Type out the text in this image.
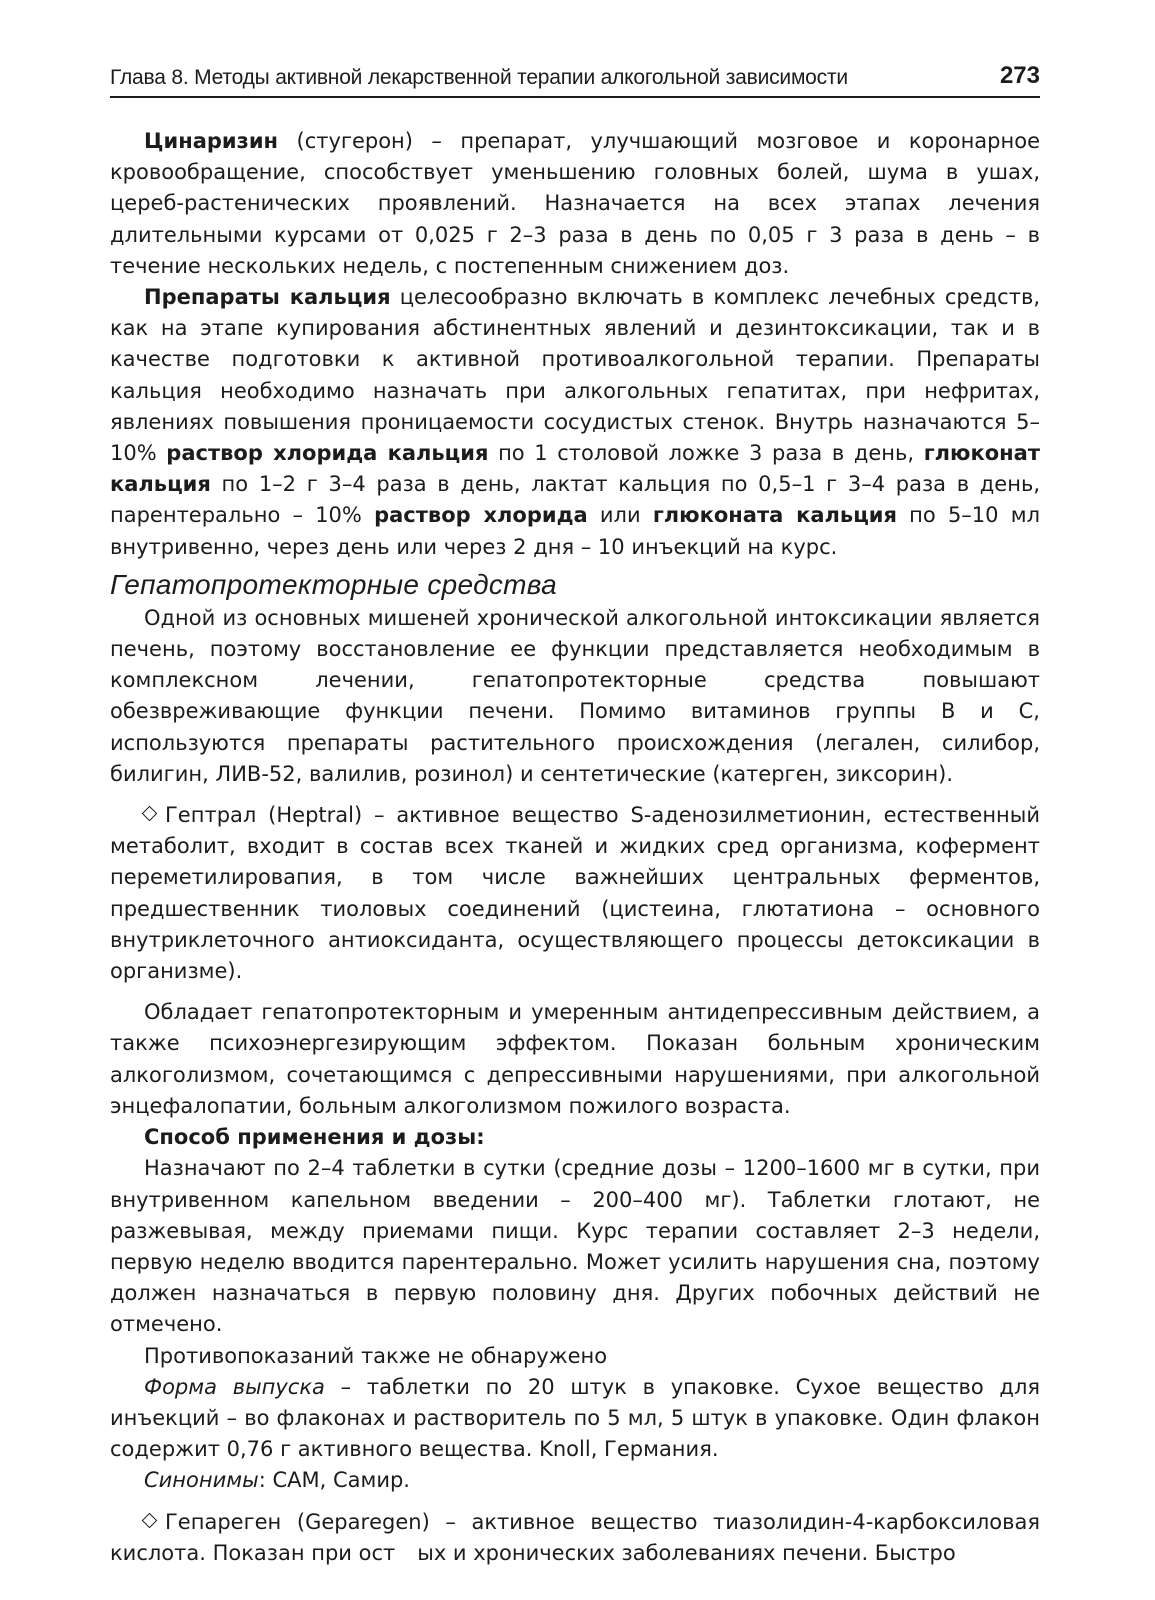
Глава 8. Методы активной лекарственной терапии алкогольной зависимости	273

Цинаризин (стугерон) – препарат, улучшающий мозговое и коронарное кровообращение, способствует уменьшению головных болей, шума в ушах, цереб-растенических проявлений. Назначается на всех этапах лечения длительными курсами от 0,025 г 2–3 раза в день по 0,05 г 3 раза в день – в течение нескольких недель, с постепенным снижением доз.

Препараты кальция целесообразно включать в комплекс лечебных средств, как на этапе купирования абстинентных явлений и дезинтоксикации, так и в качестве подготовки к активной противоалкогольной терапии. Препараты кальция необходимо назначать при алкогольных гепатитах, при нефритах, явлениях повышения проницаемости сосудистых стенок. Внутрь назначаются 5–10% раствор хлорида кальция по 1 столовой ложке 3 раза в день, глюконат кальция по 1–2 г 3–4 раза в день, лактат кальция по 0,5–1 г 3–4 раза в день, парентерально – 10% раствор хлорида или глюконата кальция по 5–10 мл внутривенно, через день или через 2 дня – 10 инъекций на курс.

Гепатопротекторные средства

Одной из основных мишеней хронической алкогольной интоксикации является печень, поэтому восстановление ее функции представляется необходимым в комплексном лечении, гепатопротекторные средства повышают обезвреживающие функции печени. Помимо витаминов группы В и С, используются препараты растительного происхождения (легален, силибор, билигин, ЛИВ-52, валилив, розинол) и сентетические (катерген, зиксорин).

Гептрал (Heptral) – активное вещество S-аденозилметионин, естественный метаболит, входит в состав всех тканей и жидких сред организма, кофермент переметилировапия, в том числе важнейших центральных ферментов, предшественник тиоловых соединений (цистеина, глютатиона – основного внутриклеточного антиоксиданта, осуществляющего процессы детоксикации в организме).

Обладает гепатопротекторным и умеренным антидепрессивным действием, а также психоэнергезирующим эффектом. Показан больным хроническим алкоголизмом, сочетающимся с депрессивными нарушениями, при алкогольной энцефалопатии, больным алкоголизмом пожилого возраста.

Способ применения и дозы:

Назначают по 2–4 таблетки в сутки (средние дозы – 1200–1600 мг в сутки, при внутривенном капельном введении – 200–400 мг). Таблетки глотают, не разжевывая, между приемами пищи. Курс терапии составляет 2–3 недели, первую неделю вводится парентерально. Может усилить нарушения сна, поэтому должен назначаться в первую половину дня. Других побочных действий не отмечено.

Противопоказаний также не обнаружено

Форма выпуска – таблетки по 20 штук в упаковке. Сухое вещество для инъекций – во флаконах и растворитель по 5 мл, 5 штук в упаковке. Один флакон содержит 0,76 г активного вещества. Knoll, Германия.

Синонимы: САМ, Самир.

Гепареген (Geparеgen) – активное вещество тиазолидин-4-карбоксиловая кислота. Показан при ост ых и хронических заболеваниях печени. Быстро
